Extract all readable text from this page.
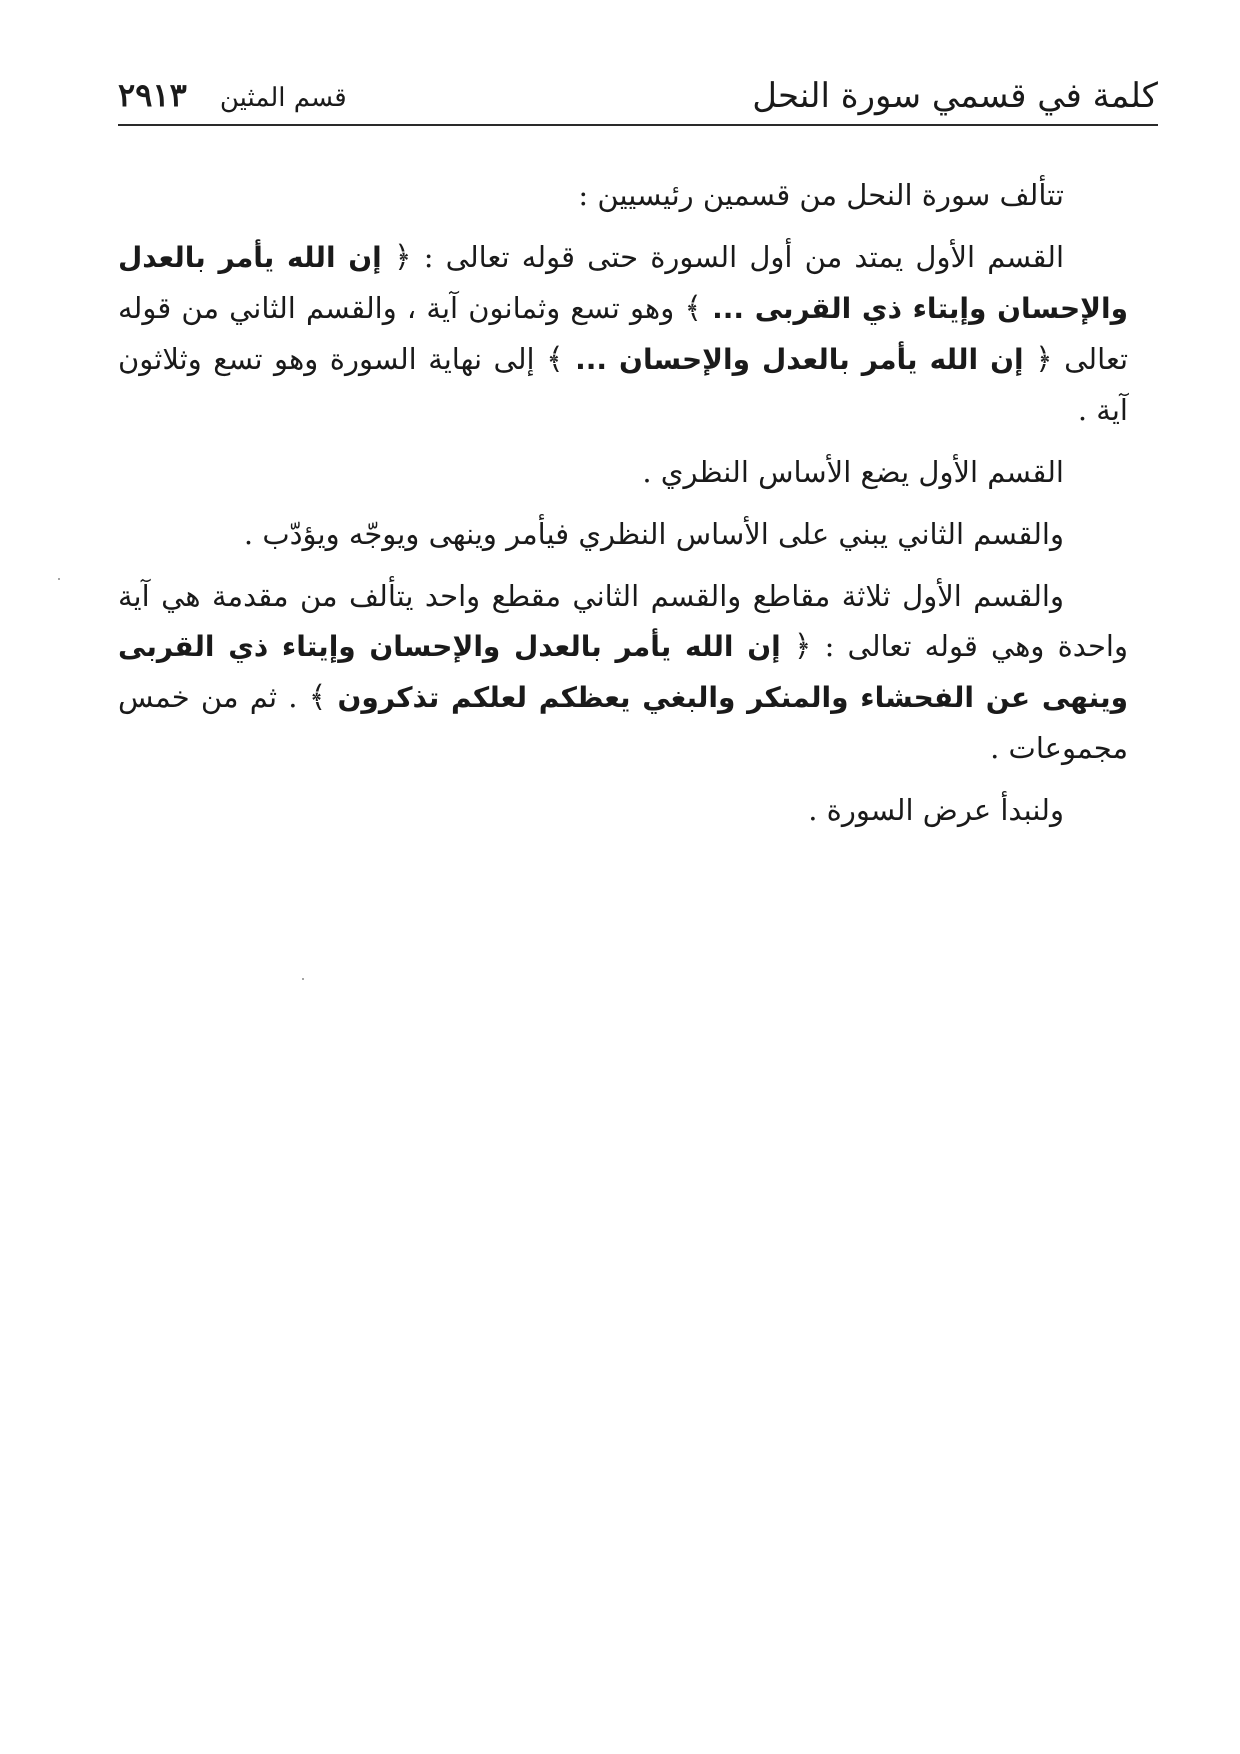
كلمة في قسمي سورة النحل
قسم المثين ٢٩١٣

تتألف سورة النحل من قسمين رئيسيين :

القسم الأول يمتد من أول السورة حتى قوله تعالى : ﴿ إن الله يأمر بالعدل والإحسان وإيتاء ذي القربى ... ﴾ وهو تسع وثمانون آية ، والقسم الثاني من قوله تعالى ﴿ إن الله يأمر بالعدل والإحسان ... ﴾ إلى نهاية السورة وهو تسع وثلاثون آية .

القسم الأول يضع الأساس النظري .

والقسم الثاني يبني على الأساس النظري فيأمر وينهى ويوجّه ويؤدّب .

والقسم الأول ثلاثة مقاطع والقسم الثاني مقطع واحد يتألف من مقدمة هي آية واحدة وهي قوله تعالى : ﴿ إن الله يأمر بالعدل والإحسان وإيتاء ذي القربى وينهى عن الفحشاء والمنكر والبغي يعظكم لعلكم تذكرون ﴾ . ثم من خمس مجموعات .

ولنبدأ عرض السورة .
